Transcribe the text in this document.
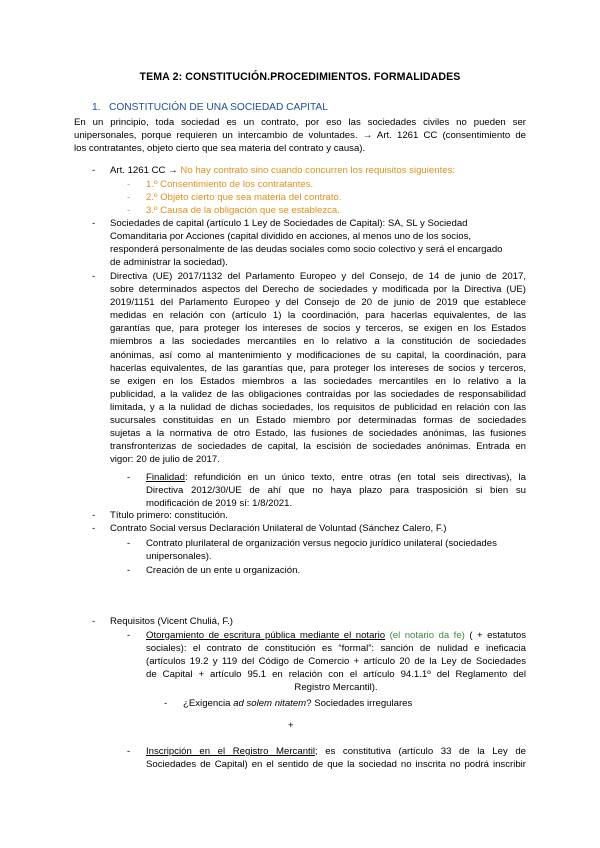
TEMA 2: CONSTITUCIÓN.PROCEDIMIENTOS. FORMALIDADES
1. CONSTITUCIÓN DE UNA SOCIEDAD CAPITAL
En un principio, toda sociedad es un contrato, por eso las sociedades civiles no pueden ser
unipersonales, porque requieren un intercambio de voluntades. → Art. 1261 CC (consentimiento de
los contratantes, objeto cierto que sea materia del contrato y causa).
- Art. 1261 CC → No hay contrato sino cuando concurren los requisitos siguientes:
- 1.º Consentimiento de los contratantes.
- 2.º Objeto cierto que sea materia del contrato.
- 3.º Causa de la obligación que se establezca.
- Sociedades de capital (artículo 1 Ley de Sociedades de Capital): SA, SL y Sociedad
Comanditaria por Acciones (capital dividido en acciones, al menos uno de los socios,
responderá personalmente de las deudas sociales como socio colectivo y será el encargado
de administrar la sociedad).
- Directiva (UE) 2017/1132 del Parlamento Europeo y del Consejo, de 14 de junio de 2017,
sobre determinados aspectos del Derecho de sociedades y modificada por la Directiva (UE)
2019/1151 del Parlamento Europeo y del Consejo de 20 de junio de 2019 que establece
medidas en relación con (artículo 1) la coordinación, para hacerlas equivalentes, de las
garantías que, para proteger los intereses de socios y terceros, se exigen en los Estados
miembros a las sociedades mercantiles en lo relativo a la constitución de sociedades
anónimas, así como al mantenimiento y modificaciones de su capital, la coordinación, para
hacerlas equivalentes, de las garantías que, para proteger los intereses de socios y terceros,
se exigen en los Estados miembros a las sociedades mercantiles en lo relativo a la
publicidad, a la validez de las obligaciones contraídas por las sociedades de responsabilidad
limitada, y a la nulidad de dichas sociedades, los requisitos de publicidad en relación con las
sucursales constituidas en un Estado miembro por determinadas formas de sociedades
sujetas a la normativa de otro Estado, las fusiones de sociedades anónimas, las fusiones
transfronterizas de sociedades de capital, la escisión de sociedades anónimas. Entrada en
vigor: 20 de julio de 2017.
- Finalidad: refundición en un único texto, entre otras (en total seis directivas), la
Directiva 2012/30/UE de ahí que no haya plazo para trasposición si bien su
modificación de 2019 sí: 1/8/2021.
- Título primero: constitución.
- Contrato Social versus Declaración Unilateral de Voluntad (Sánchez Calero, F.)
- Contrato plurilateral de organización versus negocio jurídico unilateral (sociedades
unipersonales).
- Creación de un ente u organización.
- Requisitos (Vicent Chuliá, F.)
- Otorgamiento de escritura pública mediante el notario (el notario da fe) ( + estatutos
sociales): el contrato de constitución es “formal”: sanción de nulidad e ineficacia
(artículos 19.2 y 119 del Código de Comercio + artículo 20 de la Ley de Sociedades
de Capital + artículo 95.1 en relación con el artículo 94.1.1º del Reglamento del
Registro Mercantil).
- ¿Exigencia ad solem nitatem? Sociedades irregulares
+
- Inscripción en el Registro Mercantil; es constitutiva (artículo 33 de la Ley de
Sociedades de Capital) en el sentido de que la sociedad no inscrita no podrá inscribir
